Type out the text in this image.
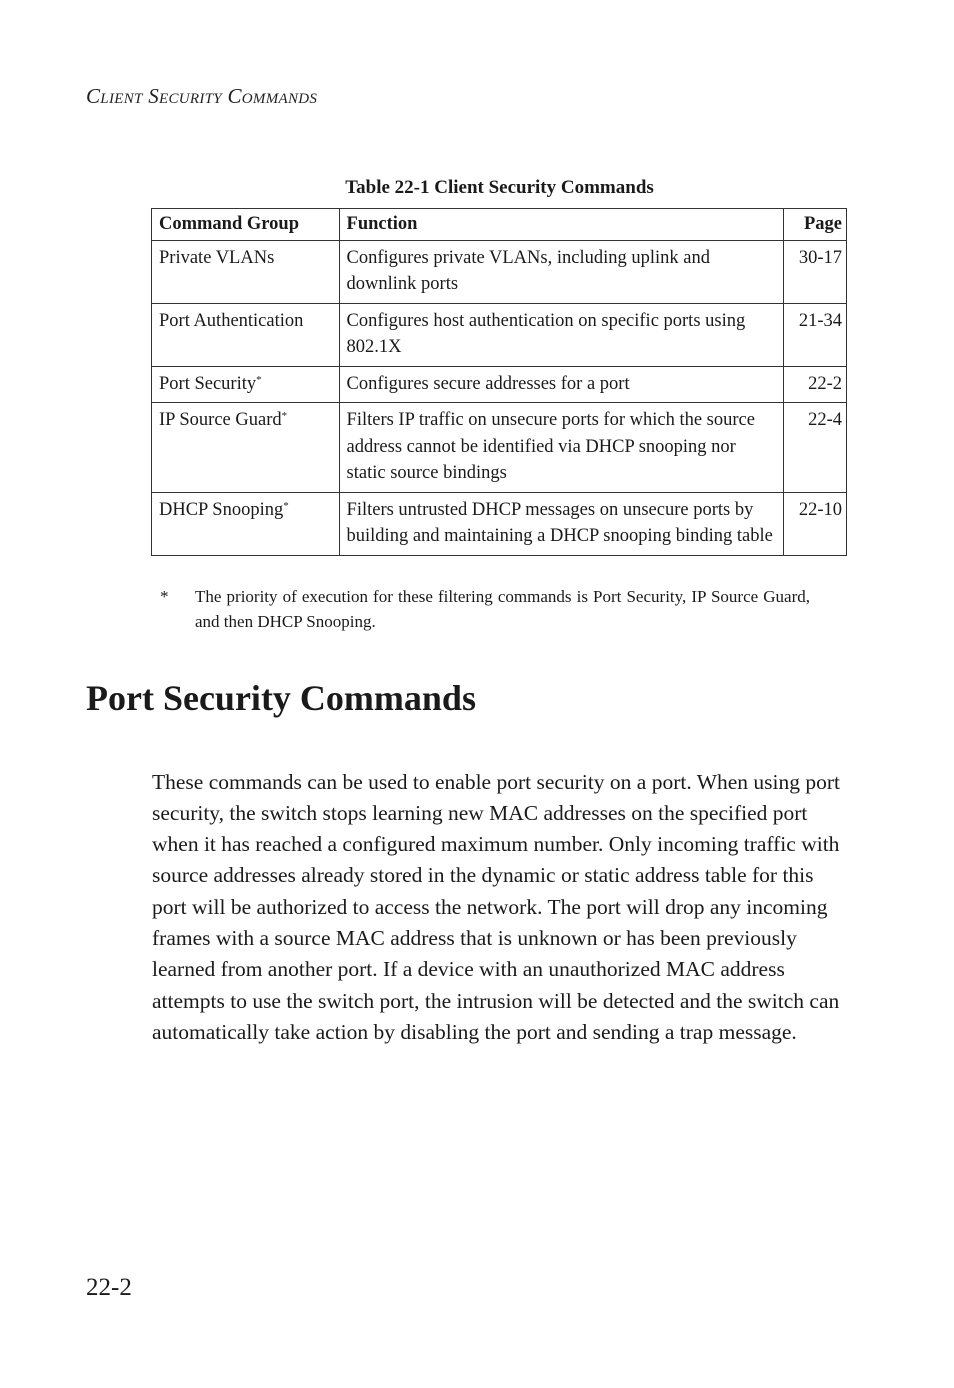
Client Security Commands
Table 22-1 Client Security Commands
Command Group	Function	Page
Private VLANs	Configures private VLANs, including uplink and downlink ports	30-17
Port Authentication	Configures host authentication on specific ports using 802.1X	21-34
Port Security*	Configures secure addresses for a port	22-2
IP Source Guard*	Filters IP traffic on unsecure ports for which the source address cannot be identified via DHCP snooping nor static source bindings	22-4
DHCP Snooping*	Filters untrusted DHCP messages on unsecure ports by building and maintaining a DHCP snooping binding table	22-10
* The priority of execution for these filtering commands is Port Security, IP Source Guard, and then DHCP Snooping.
Port Security Commands

These commands can be used to enable port security on a port. When using port security, the switch stops learning new MAC addresses on the specified port when it has reached a configured maximum number. Only incoming traffic with source addresses already stored in the dynamic or static address table for this port will be authorized to access the network. The port will drop any incoming frames with a source MAC address that is unknown or has been previously learned from another port. If a device with an unauthorized MAC address attempts to use the switch port, the intrusion will be detected and the switch can automatically take action by disabling the port and sending a trap message.

22-2
